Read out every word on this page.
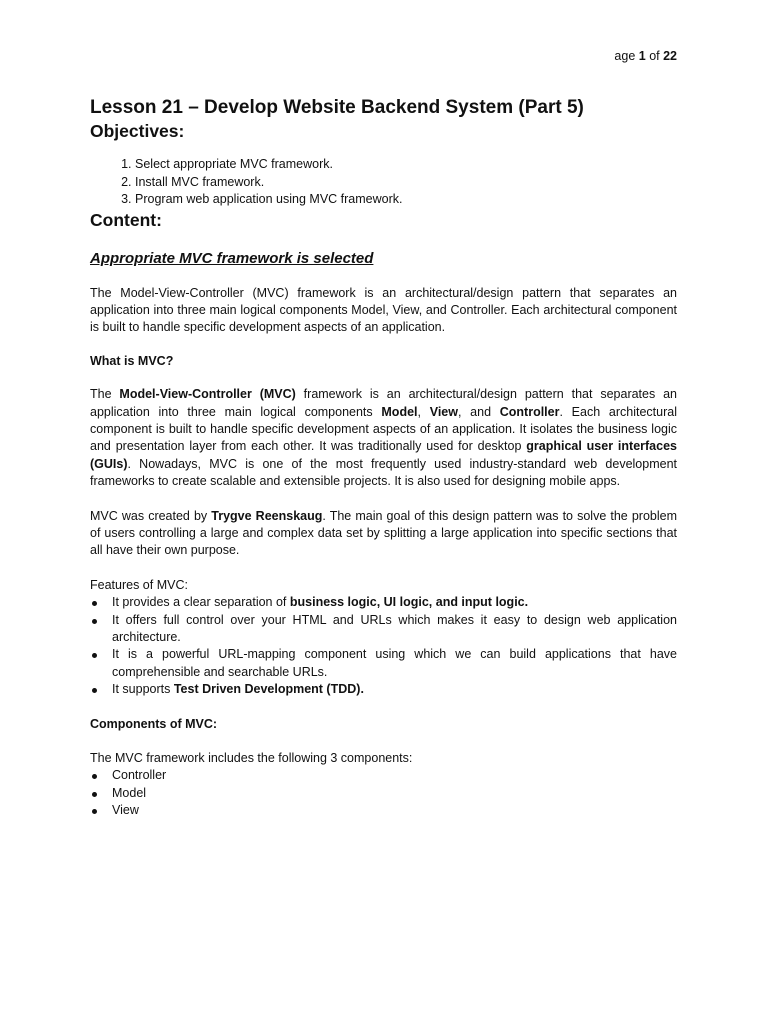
age 1 of 22
Lesson 21 – Develop Website Backend System (Part 5)
Objectives:
1. Select appropriate MVC framework.
2. Install MVC framework.
3. Program web application using MVC framework.
Content:
Appropriate MVC framework is selected

The Model-View-Controller (MVC) framework is an architectural/design pattern that separates an application into three main logical components Model, View, and Controller. Each architectural component is built to handle specific development aspects of an application.

What is MVC?

The Model-View-Controller (MVC) framework is an architectural/design pattern that separates an application into three main logical components Model, View, and Controller. Each architectural component is built to handle specific development aspects of an application. It isolates the business logic and presentation layer from each other. It was traditionally used for desktop graphical user interfaces (GUIs). Nowadays, MVC is one of the most frequently used industry-standard web development frameworks to create scalable and extensible projects. It is also used for designing mobile apps.

MVC was created by Trygve Reenskaug. The main goal of this design pattern was to solve the problem of users controlling a large and complex data set by splitting a large application into specific sections that all have their own purpose.

Features of MVC:

It provides a clear separation of business logic, UI logic, and input logic.
It offers full control over your HTML and URLs which makes it easy to design web application architecture.
It is a powerful URL-mapping component using which we can build applications that have comprehensible and searchable URLs.
It supports Test Driven Development (TDD).

Components of MVC:

The MVC framework includes the following 3 components:

Controller
Model
View
